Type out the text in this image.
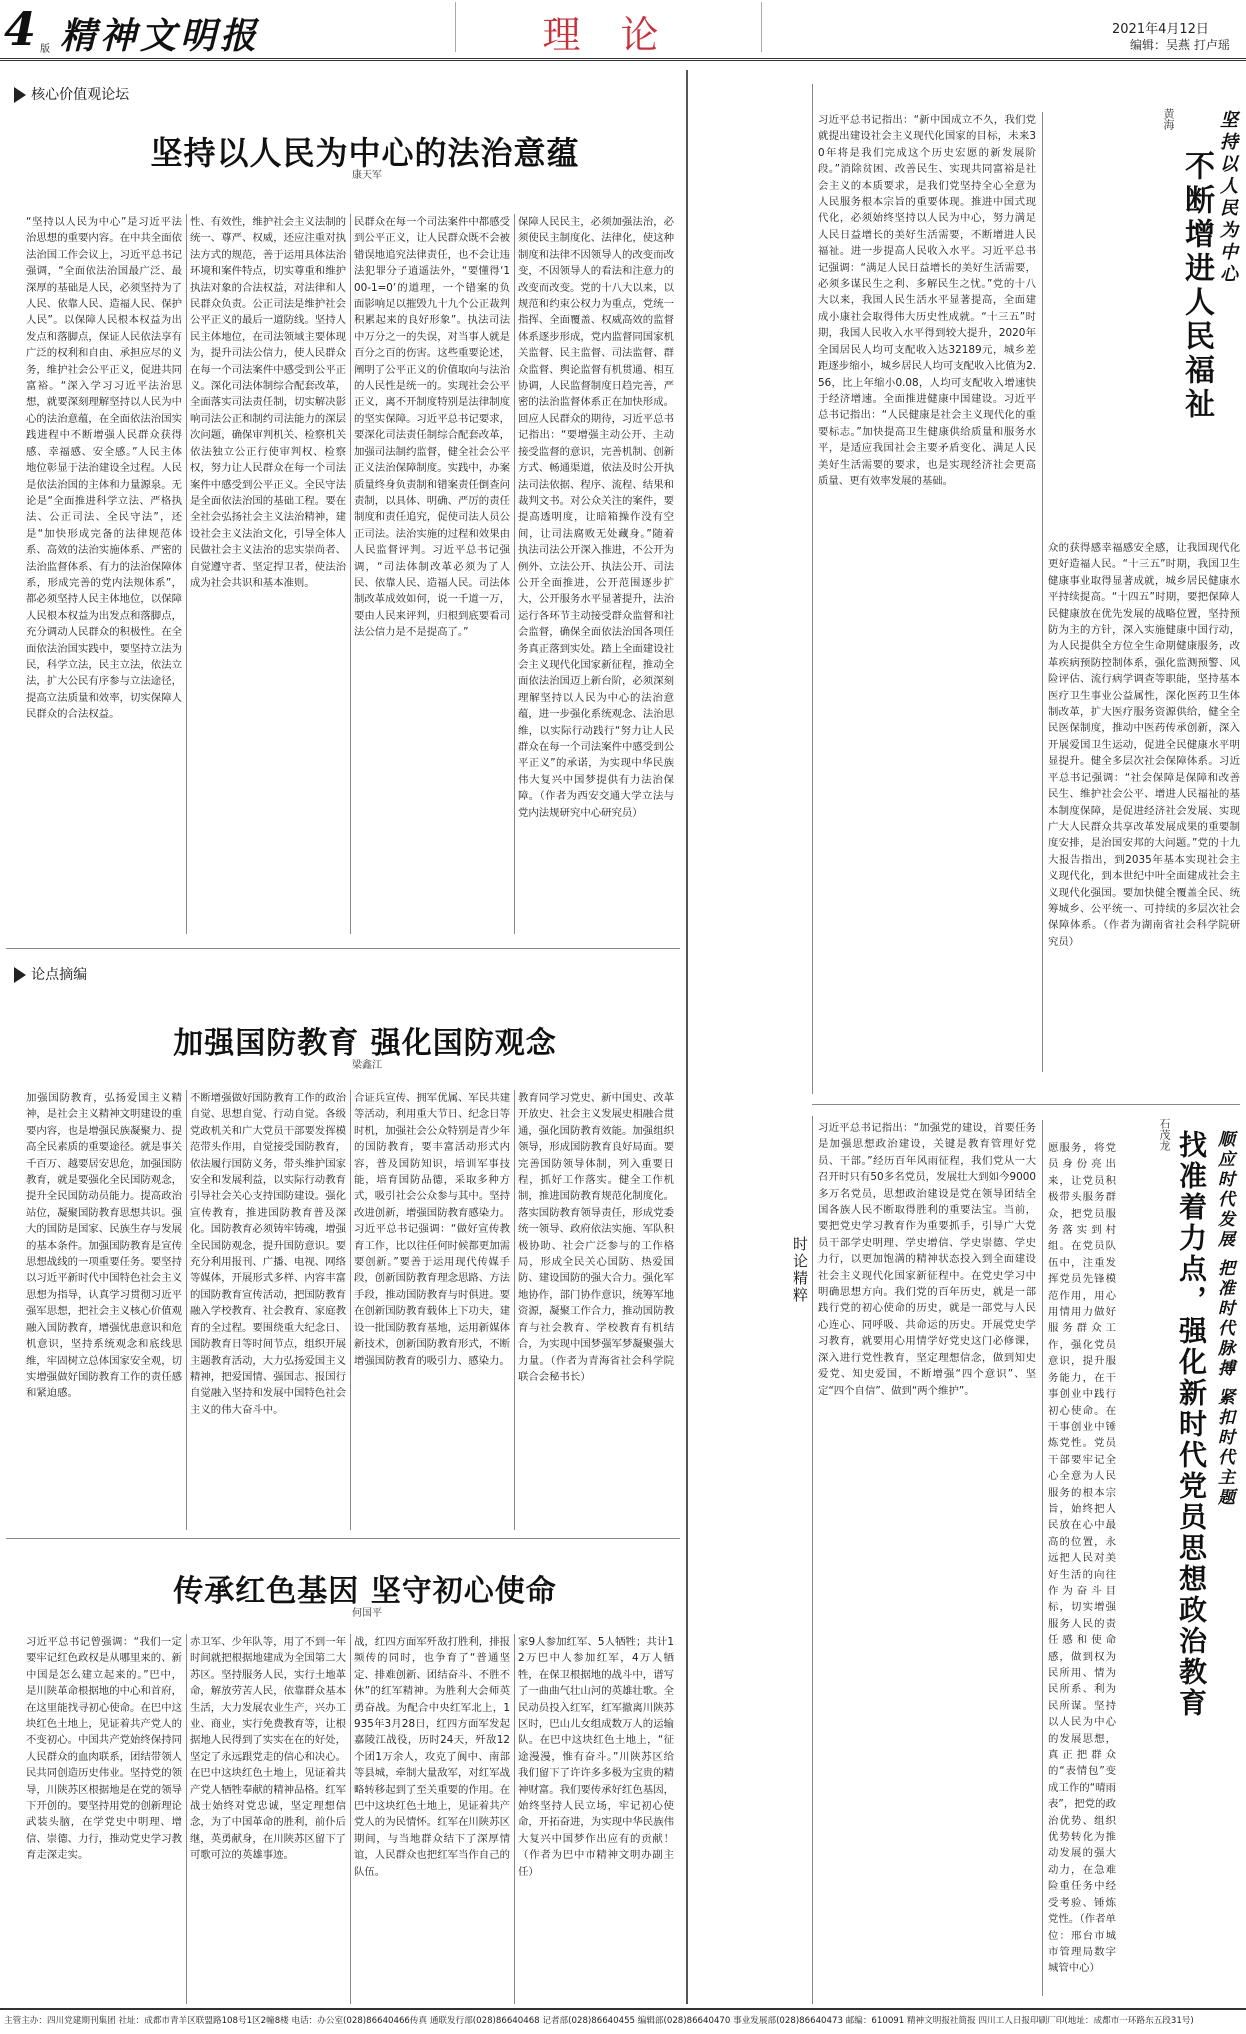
4 版 精神文明报	理 论	2021年4月12日
编辑：吴燕 打卢瑶
核心价值观论坛
坚持以人民为中心的法治意蕴
康天军
“坚持以人民为中心”是习近平法治思想的重要内容。在中共全面依法治国工作会议上，习近平总书记强调，“全面依法治国最广泛、最深厚的基础是人民，必须坚持为了人民、依靠人民、造福人民、保护人民”。以保障人民根本权益为出发点和落脚点，保证人民依法享有广泛的权利和自由、承担应尽的义务，维护社会公平正义，促进共同富裕。“深入学习习近平法治思想，就要深刻理解坚持以人民为中心的法治意蕴，在全面依法治国实践进程中不断增强人民群众获得感、幸福感、安全感。”人民主体地位彰显于法治建设全过程。人民是依法治国的主体和力量源泉。无论是“全面推进科学立法、严格执法、公正司法、全民守法”，还是“加快形成完备的法律规范体系、高效的法治实施体系、严密的法治监督体系、有力的法治保障体系，形成完善的党内法规体系”，都必须坚持人民主体地位，以保障人民根本权益为出发点和落脚点，充分调动人民群众的积极性。在全面依法治国实践中，要坚持立法为民，科学立法，民主立法，依法立法，扩大公民有序参与立法途径，提高立法质量和效率，切实保障人民群众的合法权益。
性、有效性，维护社会主义法制的统一、尊严、权威，还应注重对执法方式的规范，善于运用具体法治环境和案件特点，切实尊重和维护执法对象的合法权益，对法律和人民群众负责。公正司法是维护社会公平正义的最后一道防线。坚持人民主体地位，在司法领域主要体现为，提升司法公信力，使人民群众在每一个司法案件中感受到公平正义。深化司法体制综合配套改革，全面落实司法责任制，切实解决影响司法公正和制约司法能力的深层次问题，确保审判机关、检察机关依法独立公正行使审判权、检察权，努力让人民群众在每一个司法案件中感受到公平正义。全民守法是全面依法治国的基础工程。要在全社会弘扬社会主义法治精神，建设社会主义法治文化，引导全体人民做社会主义法治的忠实崇尚者、自觉遵守者、坚定捍卫者，使法治成为社会共识和基本准则。
民群众在每一个司法案件中都感受到公平正义，让人民群众既不会被错误地追究法律责任，也不会让违法犯罪分子逍遥法外，“要懂得‘100-1=0’的道理，一个错案的负面影响足以摧毁九十九个公正裁判积累起来的良好形象”。执法司法中万分之一的失误，对当事人就是百分之百的伤害。这些重要论述，阐明了公平正义的价值取向与法治的人民性是统一的。实现社会公平正义，离不开制度特别是法律制度的坚实保障。习近平总书记要求，要深化司法责任制综合配套改革，加强司法制约监督，健全社会公平正义法治保障制度。实践中，办案质量终身负责制和错案责任倒查问责制，以具体、明确、严厉的责任制度和责任追究，促使司法人员公正司法。法治实施的过程和效果由人民监督评判。习近平总书记强调，“司法体制改革必须为了人民、依靠人民、造福人民。司法体制改革成效如何，说一千道一万，要由人民来评判，归根到底要看司法公信力是不是提高了。”
保障人民民主，必须加强法治，必须使民主制度化、法律化，使这种制度和法律不因领导人的改变而改变，不因领导人的看法和注意力的改变而改变。党的十八大以来，以规范和约束公权力为重点，党统一指挥、全面覆盖、权威高效的监督体系逐步形成，党内监督同国家机关监督、民主监督、司法监督、群众监督、舆论监督有机贯通、相互协调，人民监督制度日趋完善，严密的法治监督体系正在加快形成。回应人民群众的期待，习近平总书记指出：“要增强主动公开、主动接受监督的意识，完善机制、创新方式、畅通渠道，依法及时公开执法司法依据、程序、流程、结果和裁判文书。对公众关注的案件，要提高透明度，让暗箱操作没有空间，让司法腐败无处藏身。”随着执法司法公开深入推进，不公开为例外、立法公开、执法公开、司法公开全面推进，公开范围逐步扩大，公开服务水平显著提升，法治运行各环节主动接受群众监督和社会监督，确保全面依法治国各项任务真正落到实处。踏上全面建设社会主义现代化国家新征程，推动全面依法治国迈上新台阶，必须深刻理解坚持以人民为中心的法治意蕴，进一步强化系统观念、法治思维，以实际行动践行“努力让人民群众在每一个司法案件中感受到公平正义”的承诺，为实现中华民族伟大复兴中国梦提供有力法治保障。（作者为西安交通大学立法与党内法规研究中心研究员）
论点摘编
加强国防教育 强化国防观念
梁鑫江
加强国防教育，弘扬爱国主义精神，是社会主义精神文明建设的重要内容，也是增强民族凝聚力、提高全民素质的重要途径。就是事关千百万、越要居安思危，加强国防教育，就是要强化全民国防观念，提升全民国防动员能力。提高政治站位，凝聚国防教育思想共识。强大的国防是国家、民族生存与发展的基本条件。加强国防教育是宣传思想战线的一项重要任务。要坚持以习近平新时代中国特色社会主义思想为指导，认真学习贯彻习近平强军思想，把社会主义核心价值观融入国防教育，增强忧患意识和危机意识，坚持系统观念和底线思维，牢固树立总体国家安全观，切实增强做好国防教育工作的责任感和紧迫感。
不断增强做好国防教育工作的政治自觉、思想自觉、行动自觉。各级党政机关和广大党员干部要发挥模范带头作用，自觉接受国防教育，依法履行国防义务，带头维护国家安全和发展利益，以实际行动教育引导社会关心支持国防建设。强化宣传教育，推进国防教育普及深化。国防教育必须铸牢铸魂，增强全民国防观念，提升国防意识。要充分利用报刊、广播、电视、网络等媒体，开展形式多样、内容丰富的国防教育宣传活动，把国防教育融入学校教育、社会教育、家庭教育的全过程。要围绕重大纪念日、国防教育日等时间节点，组织开展主题教育活动，大力弘扬爱国主义精神，把爱国情、强国志、报国行自觉融入坚持和发展中国特色社会主义的伟大奋斗中。
合证兵宣传、拥军优属、军民共建等活动，利用重大节日、纪念日等时机，加强社会公众特别是青少年的国防教育，要丰富活动形式内容，普及国防知识，培训军事技能，培育国防品德，采取多种方式，吸引社会公众参与其中。坚持改进创新，增强国防教育感染力。习近平总书记强调：“做好宣传教育工作，比以往任何时候都更加需要创新。”要善于运用现代传媒手段，创新国防教育理念思路、方法手段，推动国防教育与时俱进。要在创新国防教育载体上下功夫，建设一批国防教育基地，运用新媒体新技术，创新国防教育形式，不断增强国防教育的吸引力、感染力。
教育同学习党史、新中国史、改革开放史、社会主义发展史相融合贯通，强化国防教育效能。加强组织领导，形成国防教育良好局面。要完善国防领导体制，列入重要日程，抓好工作落实。健全工作机制，推进国防教育规范化制度化。落实国防教育领导责任，形成党委统一领导、政府依法实施、军队积极协助、社会广泛参与的工作格局，形成全民关心国防、热爱国防、建设国防的强大合力。强化军地协作，部门协作意识，统筹军地资源，凝聚工作合力，推动国防教育与社会教育、学校教育有机结合，为实现中国梦强军梦凝聚强大力量。（作者为青海省社会科学院联合会秘书长）
传承红色基因 坚守初心使命
何国平
习近平总书记曾强调：“我们一定要牢记红色政权是从哪里来的、新中国是怎么建立起来的。”巴中，是川陕革命根据地的中心和首府，在这里能找寻初心使命。在巴中这块红色土地上，见证着共产党人的不变初心。中国共产党始终保持同人民群众的血肉联系，团结带领人民共同创造历史伟业。坚持党的领导，川陕苏区根据地是在党的领导下开创的。要坚持用党的创新理论武装头脑，在学党史中明理、增信、崇德、力行，推动党史学习教育走深走实。
赤卫军、少年队等，用了不到一年时间就把根据地建成为全国第二大苏区。坚持服务人民，实行土地革命，解放劳苦人民，依靠群众基本生活，大力发展农业生产，兴办工业、商业，实行免费教育等，让根据地人民得到了实实在在的好处，坚定了永远跟党走的信心和决心。在巴中这块红色土地上，见证着共产党人牺牲奉献的精神品格。红军战士始终对党忠诚，坚定理想信念，为了中国革命的胜利，前仆后继，英勇献身，在川陕苏区留下了可歌可泣的英雄事迹。
战，红四方面军歼敌打胜利，排报频传的同时，也争育了“普通坚定、排难创新、团结奋斗、不胜不休”的红军精神。为胜利大会师英勇奋战。为配合中央红军北上，1935年3月28日，红四方面军发起嘉陵江战役，历时24天，歼敌12个团1万余人，攻克了阆中、南部等县城，牵制大量敌军，对红军战略转移起到了至关重要的作用。在巴中这块红色土地上，见证着共产党人的为民情怀。红军在川陕苏区期间，与当地群众结下了深厚情谊，人民群众也把红军当作自己的队伍。
家9人参加红军、5人牺牲；共计12万巴中人参加红军，4万人牺牲，在保卫根据地的战斗中，谱写了一曲曲气壮山河的英雄壮歌。全民动员投入红军，红军撤离川陕苏区时，巴山儿女组成数万人的运输队。在巴中这块红色土地上，“征途漫漫，惟有奋斗。”川陕苏区给我们留下了许许多多极为宝贵的精神财富。我们要传承好红色基因，始终坚持人民立场，牢记初心使命，开拓奋进，为实现中华民族伟大复兴中国梦作出应有的贡献！（作者为巴中市精神文明办副主任）
时论精粹
习近平总书记指出：“新中国成立不久，我们党就提出建设社会主义现代化国家的目标，未来30年将是我们完成这个历史宏愿的新发展阶段。”消除贫困、改善民生、实现共同富裕是社会主义的本质要求，是我们党坚持全心全意为人民服务根本宗旨的重要体现。推进中国式现代化，必须始终坚持以人民为中心，努力满足人民日益增长的美好生活需要，不断增进人民福祉。进一步提高人民收入水平。习近平总书记强调：“满足人民日益增长的美好生活需要，必须多谋民生之利、多解民生之忧。”党的十八大以来，我国人民生活水平显著提高，全面建成小康社会取得伟大历史性成就。“十三五”时期，我国人民收入水平得到较大提升，2020年全国居民人均可支配收入达32189元，城乡差距逐步缩小，城乡居民人均可支配收入比值为2.56，比上年缩小0.08，人均可支配收入增速快于经济增速。全面推进健康中国建设。习近平总书记指出：“人民健康是社会主义现代化的重要标志。”加快提高卫生健康供给质量和服务水平，是适应我国社会主要矛盾变化、满足人民美好生活需要的要求，也是实现经济社会更高质量、更有效率发展的基础。
众的获得感幸福感安全感，让我国现代化更好造福人民。“十三五”时期，我国卫生健康事业取得显著成就，城乡居民健康水平持续提高。“十四五”时期，要把保障人民健康放在优先发展的战略位置，坚持预防为主的方针，深入实施健康中国行动，为人民提供全方位全生命期健康服务，改革疾病预防控制体系，强化监测预警、风险评估、流行病学调查等职能，坚持基本医疗卫生事业公益属性，深化医药卫生体制改革，扩大医疗服务资源供给，健全全民医保制度，推动中医药传承创新，深入开展爱国卫生运动，促进全民健康水平明显提升。健全多层次社会保障体系。习近平总书记强调：“社会保障是保障和改善民生、维护社会公平、增进人民福祉的基本制度保障，是促进经济社会发展、实现广大人民群众共享改革发展成果的重要制度安排，是治国安邦的大问题。”党的十九大报告指出，到2035年基本实现社会主义现代化，到本世纪中叶全面建成社会主义现代化强国。要加快健全覆盖全民、统筹城乡、公平统一、可持续的多层次社会保障体系。（作者为湖南省社会科学院研究员）
不断增进人民福祉 坚持以人民为中心
黄海
习近平总书记指出：“加强党的建设，首要任务是加强思想政治建设，关键是教育管理好党员、干部。”经历百年风雨征程，我们党从一大召开时只有50多名党员，发展壮大到如今9000多万名党员，思想政治建设是党在领导团结全国各族人民不断取得胜利的重要法宝。当前，要把党史学习教育作为重要抓手，引导广大党员干部学史明理、学史增信、学史崇德、学史力行，以更加饱满的精神状态投入到全面建设社会主义现代化国家新征程中。在党史学习中明确思想方向。我们党的百年历史，就是一部践行党的初心使命的历史，就是一部党与人民心连心、同呼吸、共命运的历史。开展党史学习教育，就要用心用情学好党史这门必修课，深入进行党性教育，坚定理想信念，做到知史爱党、知史爱国，不断增强“四个意识”、坚定“四个自信”、做到“两个维护”。
愿服务，将党员身份亮出来，让党员积极带头服务群众，把党员服务落实到村组。在党员队伍中，注重发挥党员先锋模范作用，用心用情用力做好服务群众工作，强化党员意识，提升服务能力，在干事创业中践行初心使命。在干事创业中锤炼党性。党员干部要牢记全心全意为人民服务的根本宗旨，始终把人民放在心中最高的位置，永远把人民对美好生活的向往作为奋斗目标，切实增强服务人民的责任感和使命感，做到权为民所用、情为民所系、利为民所谋。坚持以人民为中心的发展思想，真正把群众的“表情包”变成工作的“晴雨表”，把党的政治优势、组织优势转化为推动发展的强大动力，在急难险重任务中经受考验、锤炼党性。（作者单位：邢台市城市管理局数字城管中心）
找准着力点，强化新时代党员思想政治教育 顺应时代发展 把准时代脉搏 紧扣时代主题
石茂龙
主管主办：四川党建期刊集团 社址：成都市青羊区联盟路108号1区2幢8楼 电话：办公室(028)86640466传真 通联发行部(028)86640468 记者部(028)86640455 编辑部(028)86640470 事业发展部(028)86640473 邮编：610091 精神文明报社简报 四川工人日报印刷厂印(地址：成都市一环路东五段31号)
